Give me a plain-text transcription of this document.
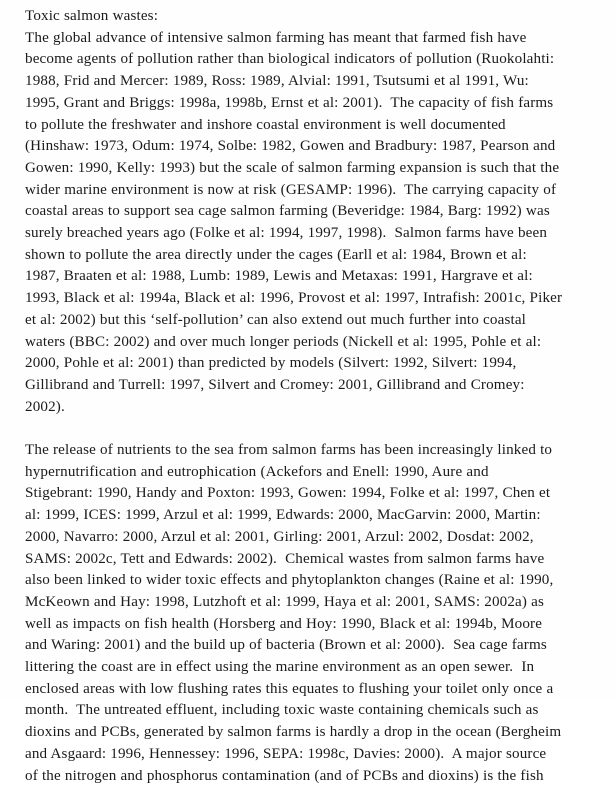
Toxic salmon wastes:
The global advance of intensive salmon farming has meant that farmed fish have
become agents of pollution rather than biological indicators of pollution (Ruokolahti:
1988, Frid and Mercer: 1989, Ross: 1989, Alvial: 1991, Tsutsumi et al 1991, Wu:
1995, Grant and Briggs: 1998a, 1998b, Ernst et al: 2001).  The capacity of fish farms
to pollute the freshwater and inshore coastal environment is well documented
(Hinshaw: 1973, Odum: 1974, Solbe: 1982, Gowen and Bradbury: 1987, Pearson and
Gowen: 1990, Kelly: 1993) but the scale of salmon farming expansion is such that the
wider marine environment is now at risk (GESAMP: 1996).  The carrying capacity of
coastal areas to support sea cage salmon farming (Beveridge: 1984, Barg: 1992) was
surely breached years ago (Folke et al: 1994, 1997, 1998).  Salmon farms have been
shown to pollute the area directly under the cages (Earll et al: 1984, Brown et al:
1987, Braaten et al: 1988, Lumb: 1989, Lewis and Metaxas: 1991, Hargrave et al:
1993, Black et al: 1994a, Black et al: 1996, Provost et al: 1997, Intrafish: 2001c, Piker
et al: 2002) but this ‘self-pollution’ can also extend out much further into coastal
waters (BBC: 2002) and over much longer periods (Nickell et al: 1995, Pohle et al:
2000, Pohle et al: 2001) than predicted by models (Silvert: 1992, Silvert: 1994,
Gillibrand and Turrell: 1997, Silvert and Cromey: 2001, Gillibrand and Cromey:
2002).
The release of nutrients to the sea from salmon farms has been increasingly linked to
hypernutrification and eutrophication (Ackefors and Enell: 1990, Aure and
Stigebrant: 1990, Handy and Poxton: 1993, Gowen: 1994, Folke et al: 1997, Chen et
al: 1999, ICES: 1999, Arzul et al: 1999, Edwards: 2000, MacGarvin: 2000, Martin:
2000, Navarro: 2000, Arzul et al: 2001, Girling: 2001, Arzul: 2002, Dosdat: 2002,
SAMS: 2002c, Tett and Edwards: 2002).  Chemical wastes from salmon farms have
also been linked to wider toxic effects and phytoplankton changes (Raine et al: 1990,
McKeown and Hay: 1998, Lutzhoft et al: 1999, Haya et al: 2001, SAMS: 2002a) as
well as impacts on fish health (Horsberg and Hoy: 1990, Black et al: 1994b, Moore
and Waring: 2001) and the build up of bacteria (Brown et al: 2000).  Sea cage farms
littering the coast are in effect using the marine environment as an open sewer.  In
enclosed areas with low flushing rates this equates to flushing your toilet only once a
month.  The untreated effluent, including toxic waste containing chemicals such as
dioxins and PCBs, generated by salmon farms is hardly a drop in the ocean (Bergheim
and Asgaard: 1996, Hennessey: 1996, SEPA: 1998c, Davies: 2000).  A major source
of the nitrogen and phosphorus contamination (and of PCBs and dioxins) is the fish
